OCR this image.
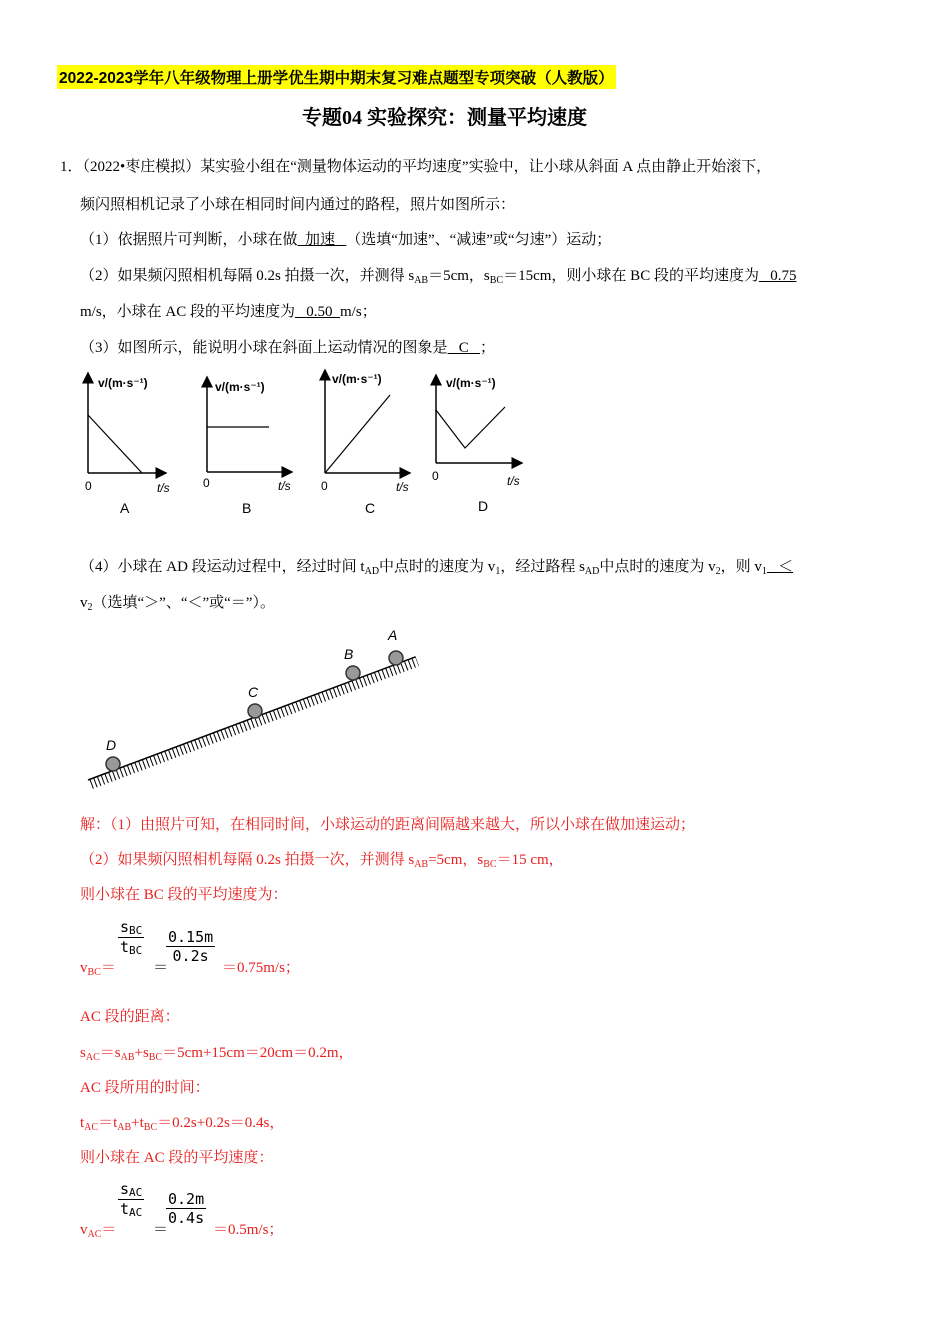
2022-2023学年八年级物理上册学优生期中期末复习难点题型专项突破（人教版）
专题04 实验探究：测量平均速度
1．（2022•枣庄模拟）某实验小组在“测量物体运动的平均速度”实验中，让小球从斜面 A 点由静止开始滚下，
频闪照相机记录了小球在相同时间内通过的路程，照片如图所示：
（1）依据照片可判断，小球在做 加速 （选填“加速”、“减速”或“匀速”）运动；
（2）如果频闪照相机每隔 0.2s 拍摄一次，并测得 $s_{AB}=5cm$，$s_{BC}=15cm$，则小球在 BC 段的平均速度为 0.75
m/s，小球在 AC 段的平均速度为 0.50 m/s；
（3）如图所示，能说明小球在斜面上运动情况的图象是 C ；
v/(m·s⁻¹)
0	t/s
A
v/(m·s⁻¹)
0	t/s
B
v/(m·s⁻¹)
0	t/s
C
v/(m·s⁻¹)
0	t/s
D
（4）小球在 AD 段运动过程中，经过时间 $t_{AD}$中点时的速度为 $v_1$，经过路程 $s_{AD}$中点时的速度为 $v_2$，则 $v_1$ ＜
$v_2$（选填“＞”、“＜”或“＝”）。
D
C
B
A
解：（1）由照片可知，在相同时间，小球运动的距离间隔越来越大，所以小球在做加速运动；
（2）如果频闪照相机每隔 0.2s 拍摄一次，并测得 $s_{AB}=5cm$，$s_{BC}=15$ cm，
则小球在 BC 段的平均速度为：
$v_{BC}=$
$s_{BC}$
$t_{BC}$
＝
$\frac{0.15m}{0.2s}$
＝0.75m/s；
AC 段的距离：
$s_{AC}=s_{AB}+s_{BC}=5cm+15cm=20cm=0.2m$，
AC 段所用的时间：
$t_{AC}=t_{AB}+t_{BC}=0.2s+0.2s=0.4s$，
则小球在 AC 段的平均速度：
$v_{AC}=$
$s_{AC}$
$t_{AC}$
＝
$\frac{0.2m}{0.4s}$
＝0.5m/s；
